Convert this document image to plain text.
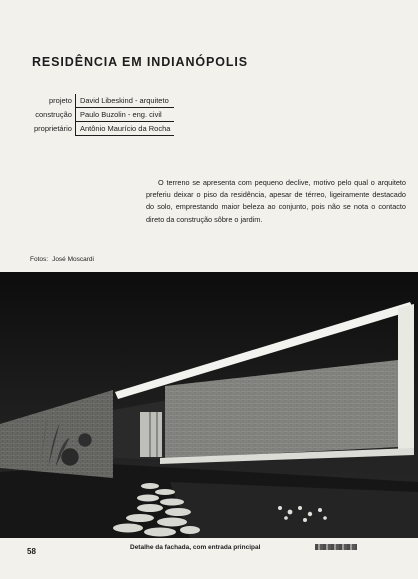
RESIDÊNCIA EM INDIANÓPOLIS
projeto	David Libeskind - arquiteto
construção	Paulo Buzolin - eng. civil
proprietário	Antônio Maurício da Rocha

O terreno se apresenta com pequeno declive, motivo pelo qual o arquiteto preferiu deixar o piso da residência, apesar de térreo, ligeiramente destacado do solo, emprestando maior beleza ao conjunto, pois não se nota o contacto direto da construção sôbre o jardim.

Fotos: José Moscardi
58	Detalhe da fachada, com entrada principal
